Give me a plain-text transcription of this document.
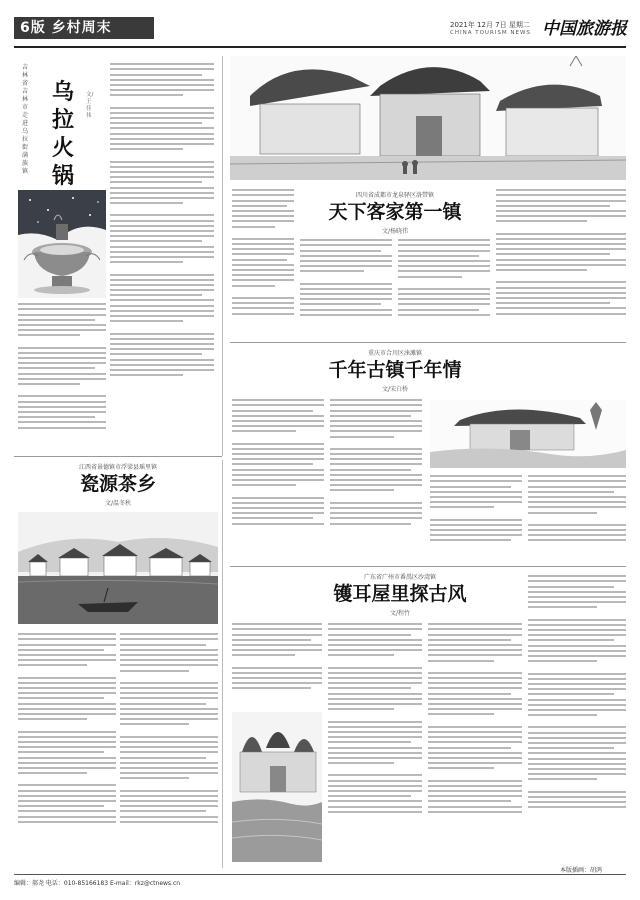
6版 乡村周末	2021年 12月 7日 星期二
CHINA TOURISM NEWS 中国旅游报
吉林省吉林市 走进乌拉街满族镇
乌拉火锅
文/王佳伟
四川省成都市龙泉驿区洛带镇
天下客家第一镇
文/杨晓伟
重庆市合川区涞滩镇
千年古镇千年情
文/宋白桥
江西省景德镇市浮梁县瑶里镇
瓷源茶乡
文/温冬秋
广东省广州市番禺区沙湾镇
镬耳屋里探古风
文/程竹
本版插画：胡鸿
编辑：郝尧 电话：010-85166183 E-mail：rkz@ctnews.cn
